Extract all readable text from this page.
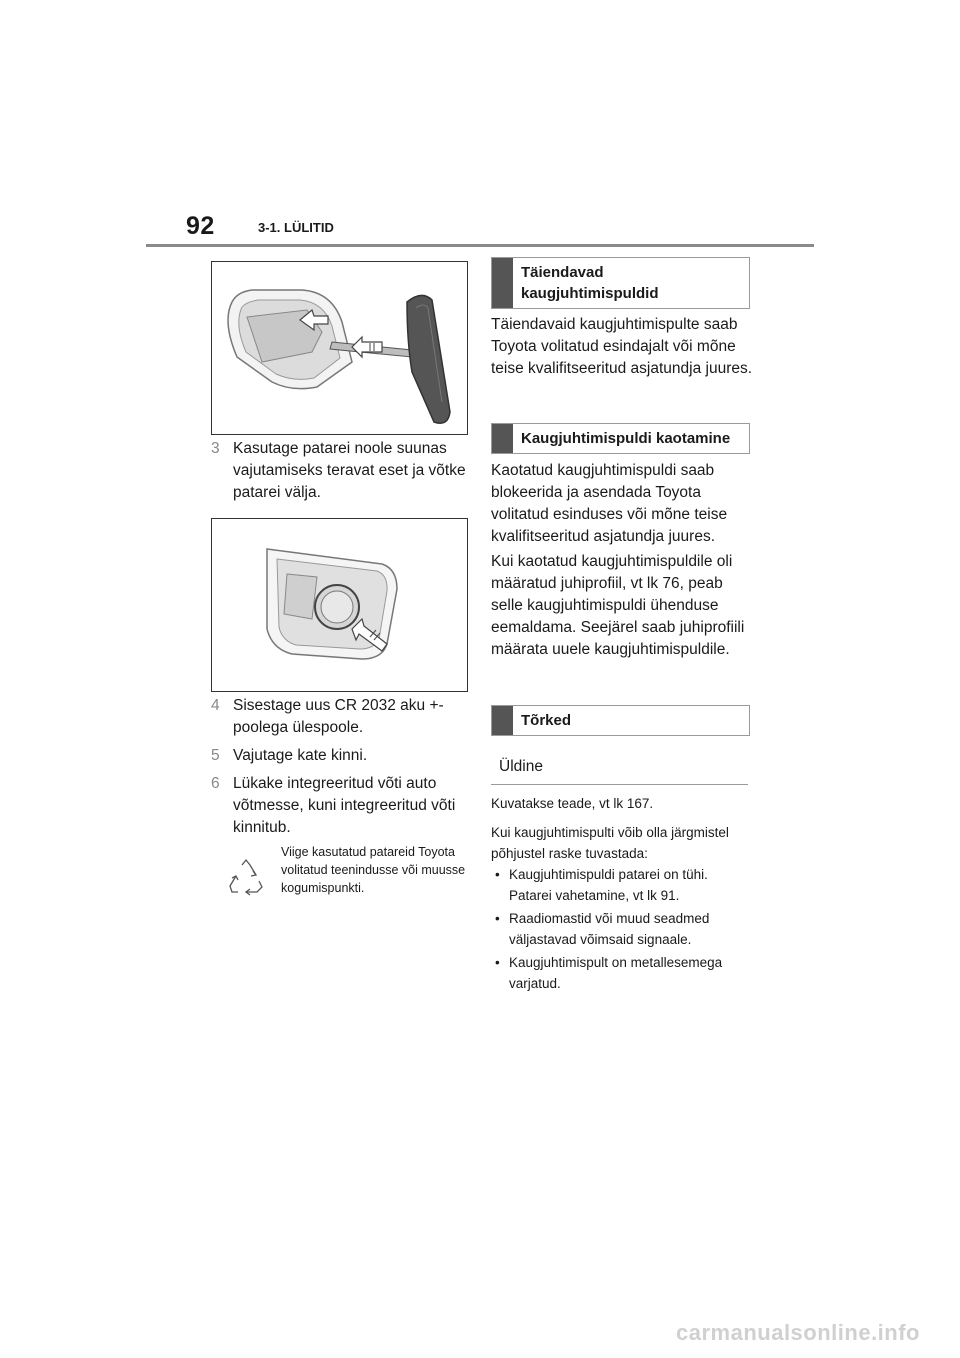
92	3-1. LÜLITID
3 Kasutage patarei noole suunas vajutamiseks teravat eset ja võtke patarei välja.
4 Sisestage uus CR 2032 aku +-poolega ülespoole.
5 Vajutage kate kinni.
6 Lükake integreeritud võti auto võtmesse, kuni integreeritud võti kinnitub.
Viige kasutatud patareid Toyota volitatud teenindusse või muusse kogumispunkti.
Täiendavad kaugjuhtimispuldid
Täiendavaid kaugjuhtimispulte saab Toyota volitatud esindajalt või mõne teise kvalifitseeritud asjatundja juures.
Kaugjuhtimispuldi kaotamine
Kaotatud kaugjuhtimispuldi saab blokeerida ja asendada Toyota volitatud esinduses või mõne teise kvalifitseeritud asjatundja juures.
Kui kaotatud kaugjuhtimispuldile oli määratud juhiprofiil, vt lk 76, peab selle kaugjuhtimispuldi ühenduse eemaldama. Seejärel saab juhiprofiili määrata uuele kaugjuhtimispuldile.
Tõrked
Üldine
Kuvatakse teade, vt lk 167.
Kui kaugjuhtimispulti võib olla järgmistel põhjustel raske tuvastada:
• Kaugjuhtimispuldi patarei on tühi. Patarei vahetamine, vt lk 91.
• Raadiomastid või muud seadmed väljastavad võimsaid signaale.
• Kaugjuhtimispult on metallesemega varjatud.
carmanualsonline.info
